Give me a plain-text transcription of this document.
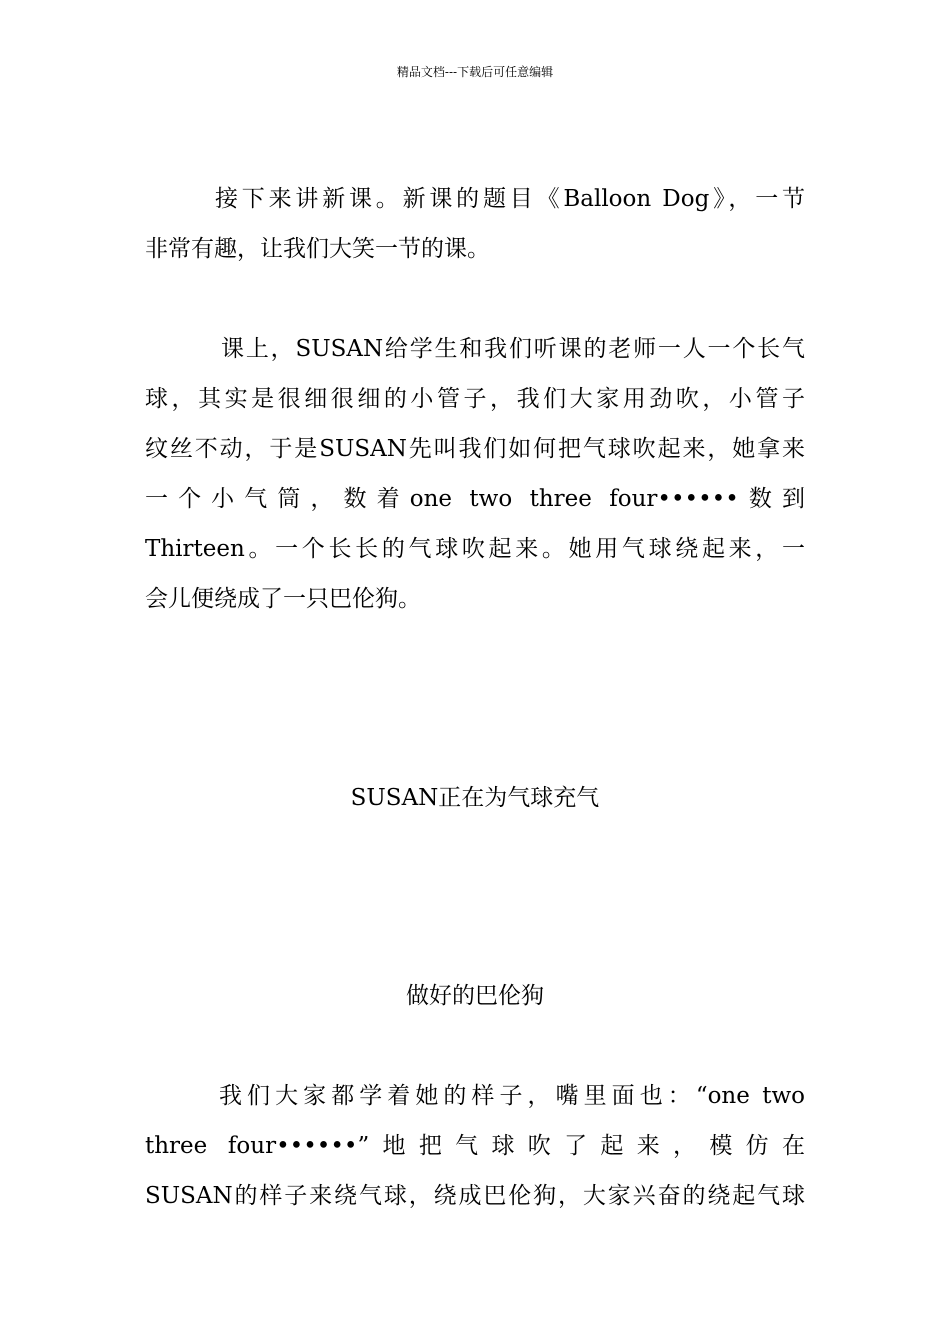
精品文档---下载后可任意编辑

接下来讲新课。新课的题目《Balloon Dog》，一节
非常有趣，让我们大笑一节的课。

课上，SUSAN给学生和我们听课的老师一人一个长气
球，其实是很细很细的小管子，我们大家用劲吹，小管子
纹丝不动，于是SUSAN先叫我们如何把气球吹起来，她拿来
一个小气筒，数着one two three four••••••数到
Thirteen。一个长长的气球吹起来。她用气球绕起来，一
会儿便绕成了一只巴伦狗。

SUSAN正在为气球充气

做好的巴伦狗

我们大家都学着她的样子，嘴里面也：“one two
three four••••••”地把气球吹了起来，模仿在
SUSAN的样子来绕气球，绕成巴伦狗，大家兴奋的绕起气球
